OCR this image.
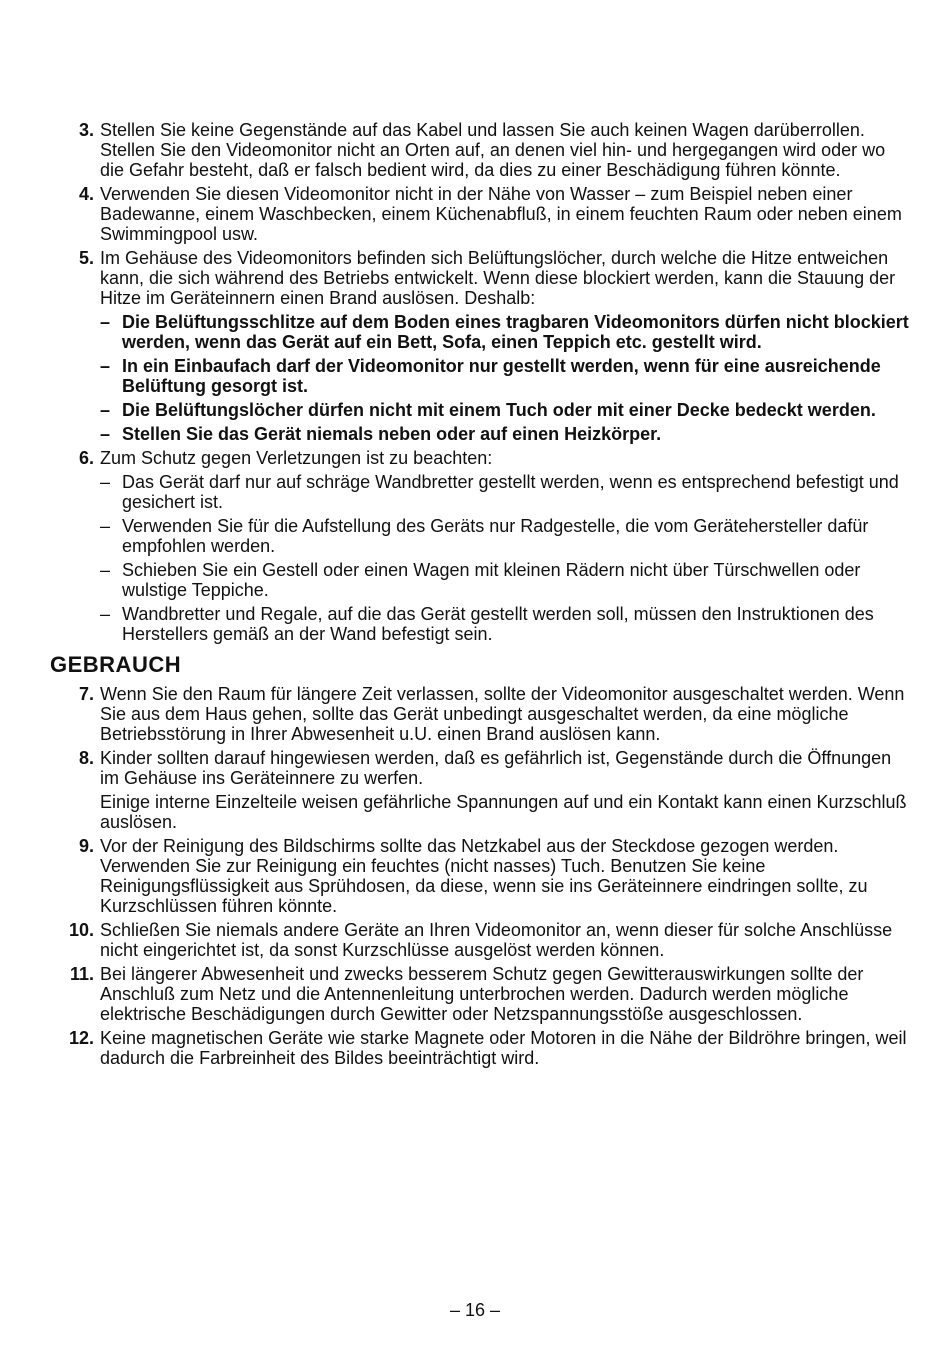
3. Stellen Sie keine Gegenstände auf das Kabel und lassen Sie auch keinen Wagen darüberrollen. Stellen Sie den Videomonitor nicht an Orten auf, an denen viel hin- und hergegangen wird oder wo die Gefahr besteht, daß er falsch bedient wird, da dies zu einer Beschädigung führen könnte.

4. Verwenden Sie diesen Videomonitor nicht in der Nähe von Wasser – zum Beispiel neben einer Badewanne, einem Waschbecken, einem Küchenabfluß, in einem feuchten Raum oder neben einem Swimmingpool usw.

5. Im Gehäuse des Videomonitors befinden sich Belüftungslöcher, durch welche die Hitze entweichen kann, die sich während des Betriebs entwickelt. Wenn diese blockiert werden, kann die Stauung der Hitze im Geräteinnern einen Brand auslösen. Deshalb:

– Die Belüftungsschlitze auf dem Boden eines tragbaren Videomonitors dürfen nicht blockiert werden, wenn das Gerät auf ein Bett, Sofa, einen Teppich etc. gestellt wird.
– In ein Einbaufach darf der Videomonitor nur gestellt werden, wenn für eine ausreichende Belüftung gesorgt ist.
– Die Belüftungslöcher dürfen nicht mit einem Tuch oder mit einer Decke bedeckt werden.
– Stellen Sie das Gerät niemals neben oder auf einen Heizkörper.
6. Zum Schutz gegen Verletzungen ist zu beachten:

– Das Gerät darf nur auf schräge Wandbretter gestellt werden, wenn es entsprechend befestigt und gesichert ist.
– Verwenden Sie für die Aufstellung des Geräts nur Radgestelle, die vom Gerätehersteller dafür empfohlen werden.
– Schieben Sie ein Gestell oder einen Wagen mit kleinen Rädern nicht über Türschwellen oder wulstige Teppiche.
– Wandbretter und Regale, auf die das Gerät gestellt werden soll, müssen den Instruktionen des Herstellers gemäß an der Wand befestigt sein.
GEBRAUCH
7. Wenn Sie den Raum für längere Zeit verlassen, sollte der Videomonitor ausgeschaltet werden. Wenn Sie aus dem Haus gehen, sollte das Gerät unbedingt ausgeschaltet werden, da eine mögliche Betriebsstörung in Ihrer Abwesenheit u.U. einen Brand auslösen kann.

8. Kinder sollten darauf hingewiesen werden, daß es gefährlich ist, Gegenstände durch die Öffnungen im Gehäuse ins Geräteinnere zu werfen.

Einige interne Einzelteile weisen gefährliche Spannungen auf und ein Kontakt kann einen Kurzschluß auslösen.

9. Vor der Reinigung des Bildschirms sollte das Netzkabel aus der Steckdose gezogen werden. Verwenden Sie zur Reinigung ein feuchtes (nicht nasses) Tuch. Benutzen Sie keine Reinigungsflüssigkeit aus Sprühdosen, da diese, wenn sie ins Geräteinnere eindringen sollte, zu Kurzschlüssen führen könnte.

10. Schließen Sie niemals andere Geräte an Ihren Videomonitor an, wenn dieser für solche Anschlüsse nicht eingerichtet ist, da sonst Kurzschlüsse ausgelöst werden können.

11. Bei längerer Abwesenheit und zwecks besserem Schutz gegen Gewitterauswirkungen sollte der Anschluß zum Netz und die Antennenleitung unterbrochen werden. Dadurch werden mögliche elektrische Beschädigungen durch Gewitter oder Netzspannungsstöße ausgeschlossen.

12. Keine magnetischen Geräte wie starke Magnete oder Motoren in die Nähe der Bildröhre bringen, weil dadurch die Farbreinheit des Bildes beeinträchtigt wird.

– 16 –
